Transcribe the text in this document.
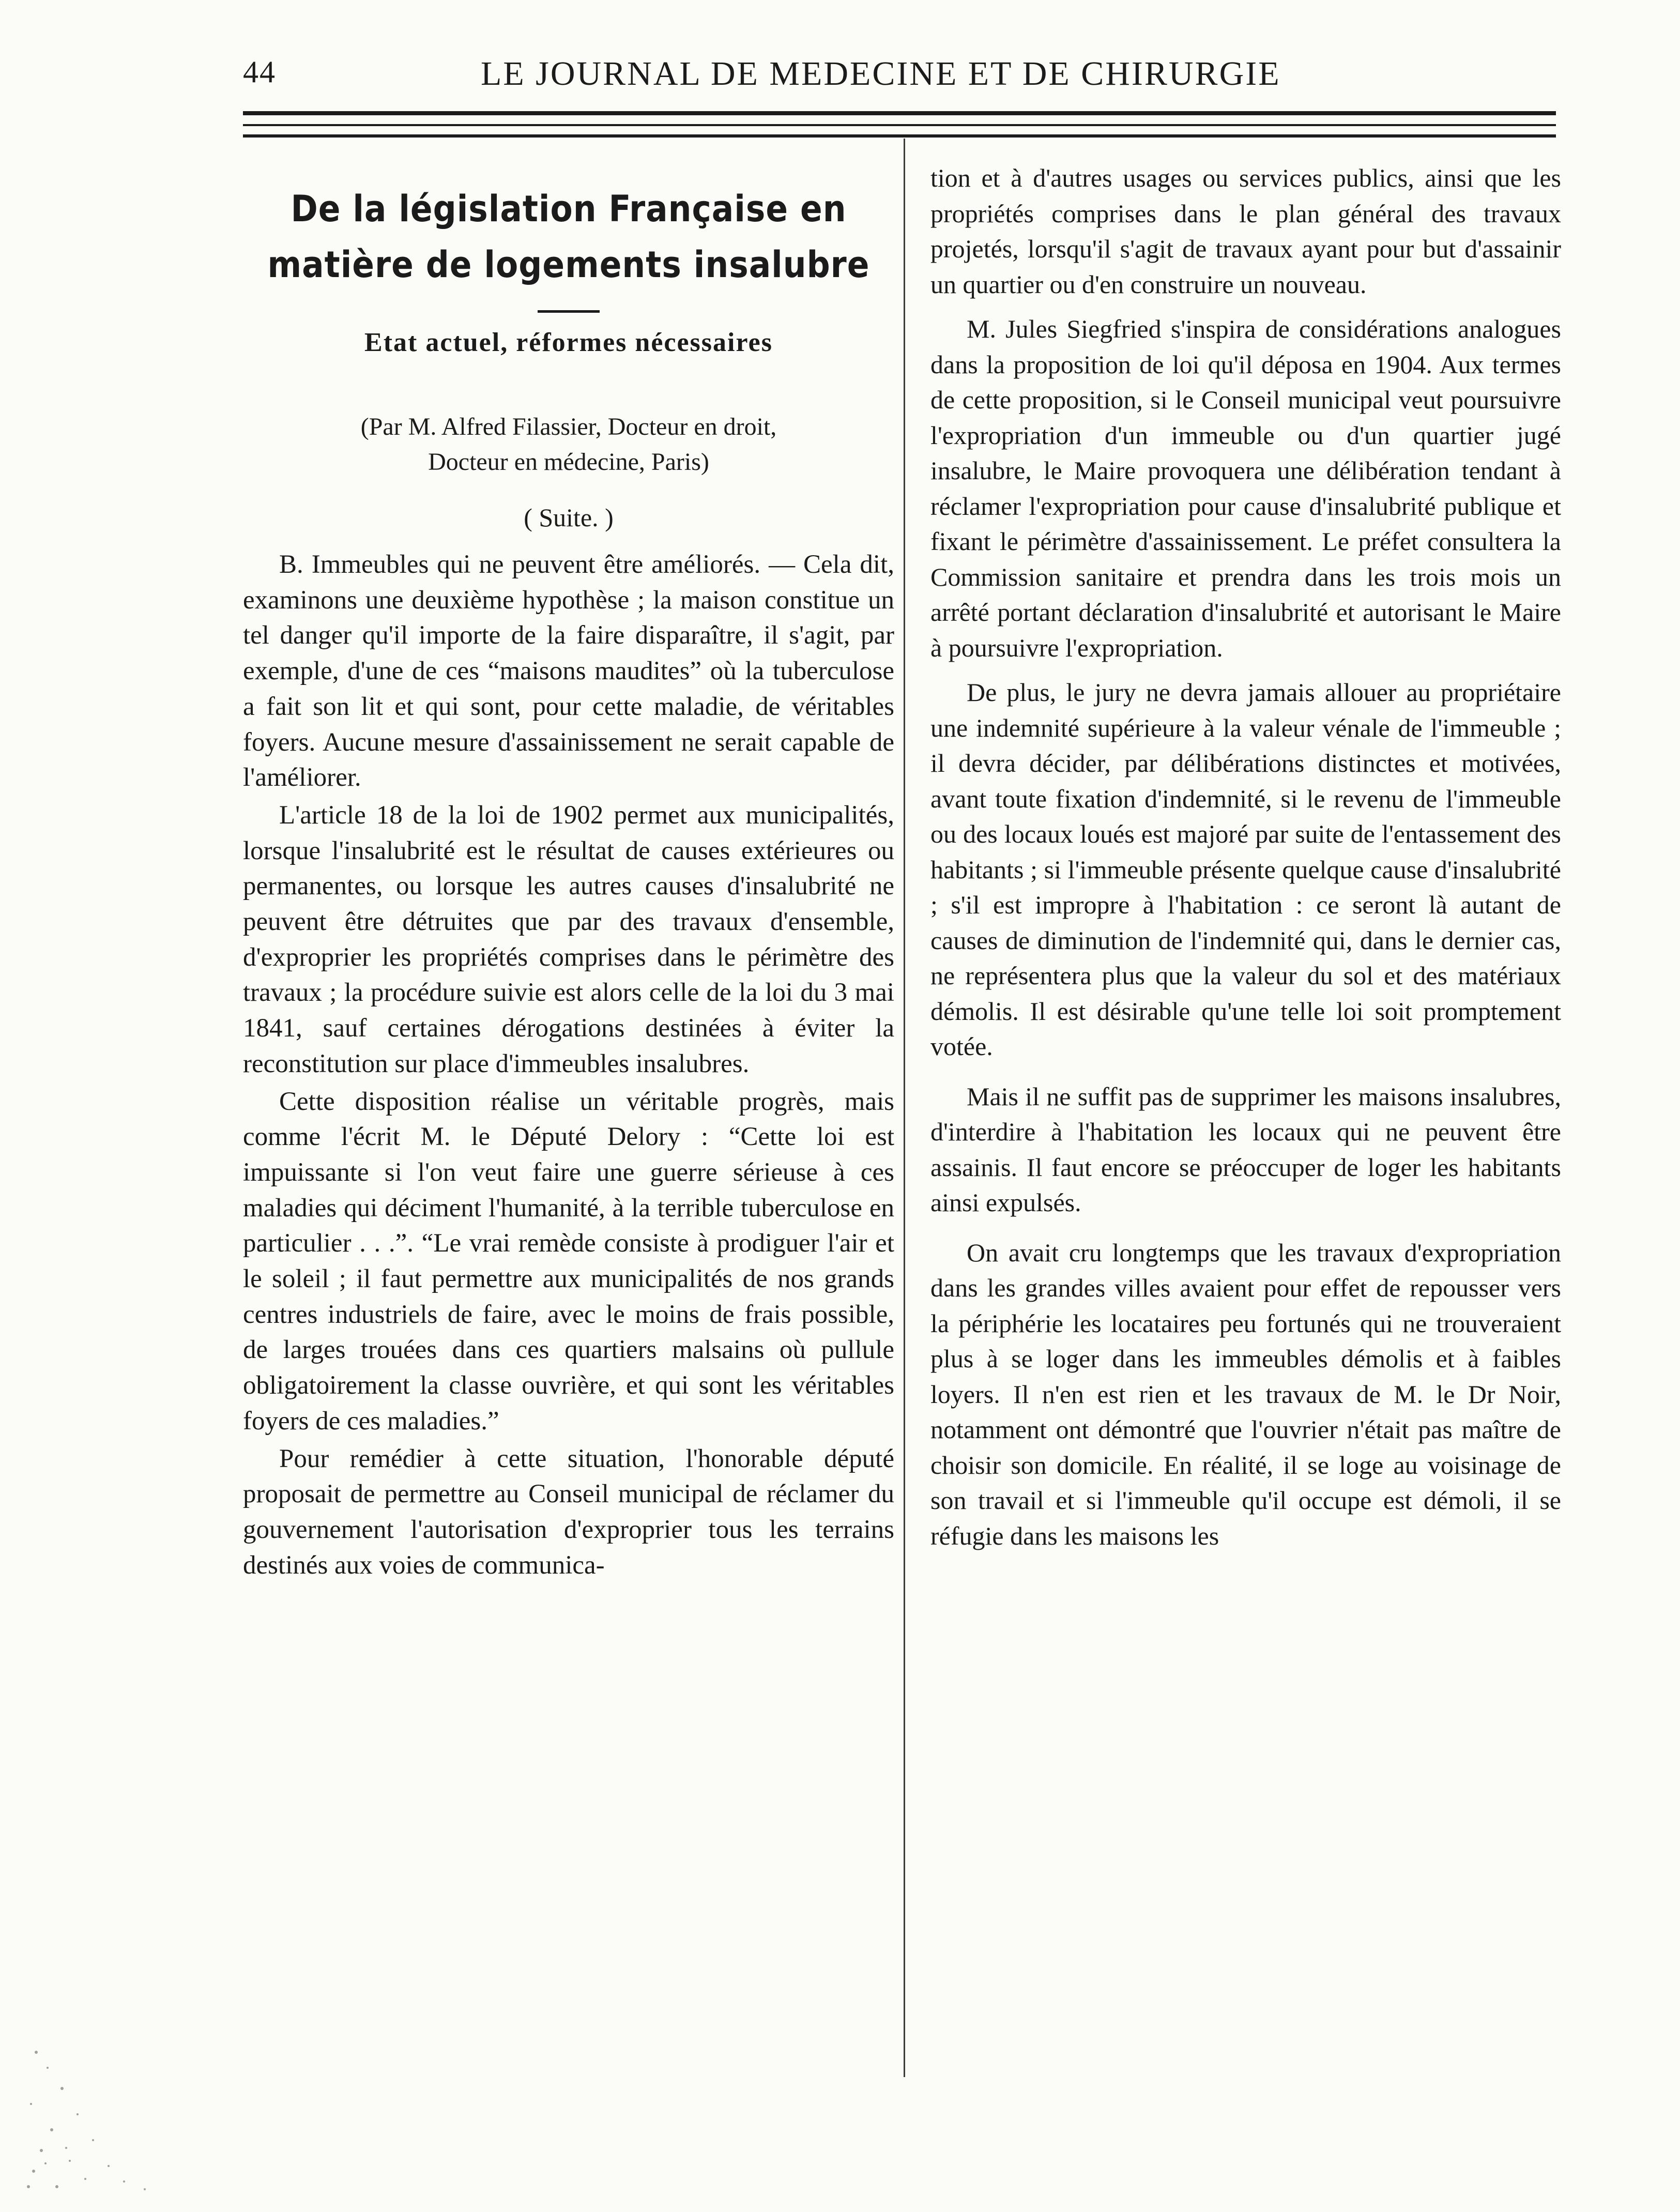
44	LE JOURNAL DE MEDECINE ET DE CHIRURGIE
De la législation Française en matière de logements insalubre
Etat actuel, réformes nécessaires
(Par M. Alfred Filassier, Docteur en droit,
Docteur en médecine, Paris)
( Suite. )

B. Immeubles qui ne peuvent être améliorés. — Cela dit, examinons une deuxième hypothèse ; la maison constitue un tel danger qu'il importe de la faire disparaître, il s'agit, par exemple, d'une de ces “maisons maudites” où la tuberculose a fait son lit et qui sont, pour cette maladie, de véritables foyers. Aucune mesure d'assainissement ne serait capable de l'améliorer.

L'article 18 de la loi de 1902 permet aux municipalités, lorsque l'insalubrité est le résultat de causes extérieures ou permanentes, ou lorsque les autres causes d'insalubrité ne peuvent être détruites que par des travaux d'ensemble, d'exproprier les propriétés comprises dans le périmètre des travaux ; la procédure suivie est alors celle de la loi du 3 mai 1841, sauf certaines dérogations destinées à éviter la reconstitution sur place d'immeubles insalubres.

Cette disposition réalise un véritable progrès, mais comme l'écrit M. le Député Delory : “Cette loi est impuissante si l'on veut faire une guerre sérieuse à ces maladies qui déciment l'humanité, à la terrible tuberculose en particulier . . .”. “Le vrai remède consiste à prodiguer l'air et le soleil ; il faut permettre aux municipalités de nos grands centres industriels de faire, avec le moins de frais possible, de larges trouées dans ces quartiers malsains où pullule obligatoirement la classe ouvrière, et qui sont les véritables foyers de ces maladies.”

Pour remédier à cette situation, l'honorable député proposait de permettre au Conseil municipal de réclamer du gouvernement l'autorisation d'exproprier tous les terrains destinés aux voies de communica-

tion et à d'autres usages ou services publics, ainsi que les propriétés comprises dans le plan général des travaux projetés, lorsqu'il s'agit de travaux ayant pour but d'assainir un quartier ou d'en construire un nouveau.

M. Jules Siegfried s'inspira de considérations analogues dans la proposition de loi qu'il déposa en 1904. Aux termes de cette proposition, si le Conseil municipal veut poursuivre l'expropriation d'un immeuble ou d'un quartier jugé insalubre, le Maire provoquera une délibération tendant à réclamer l'expropriation pour cause d'insalubrité publique et fixant le périmètre d'assainissement. Le préfet consultera la Commission sanitaire et prendra dans les trois mois un arrêté portant déclaration d'insalubrité et autorisant le Maire à poursuivre l'expropriation.

De plus, le jury ne devra jamais allouer au propriétaire une indemnité supérieure à la valeur vénale de l'immeuble ; il devra décider, par délibérations distinctes et motivées, avant toute fixation d'indemnité, si le revenu de l'immeuble ou des locaux loués est majoré par suite de l'entassement des habitants ; si l'immeuble présente quelque cause d'insalubrité ; s'il est impropre à l'habitation : ce seront là autant de causes de diminution de l'indemnité qui, dans le dernier cas, ne représentera plus que la valeur du sol et des matériaux démolis. Il est désirable qu'une telle loi soit promptement votée.

Mais il ne suffit pas de supprimer les maisons insalubres, d'interdire à l'habitation les locaux qui ne peuvent être assainis. Il faut encore se préoccuper de loger les habitants ainsi expulsés.

On avait cru longtemps que les travaux d'expropriation dans les grandes villes avaient pour effet de repousser vers la périphérie les locataires peu fortunés qui ne trouveraient plus à se loger dans les immeubles démolis et à faibles loyers. Il n'en est rien et les travaux de M. le Dr Noir, notamment ont démontré que l'ouvrier n'était pas maître de choisir son domicile. En réalité, il se loge au voisinage de son travail et si l'immeuble qu'il occupe est démoli, il se réfugie dans les maisons les
